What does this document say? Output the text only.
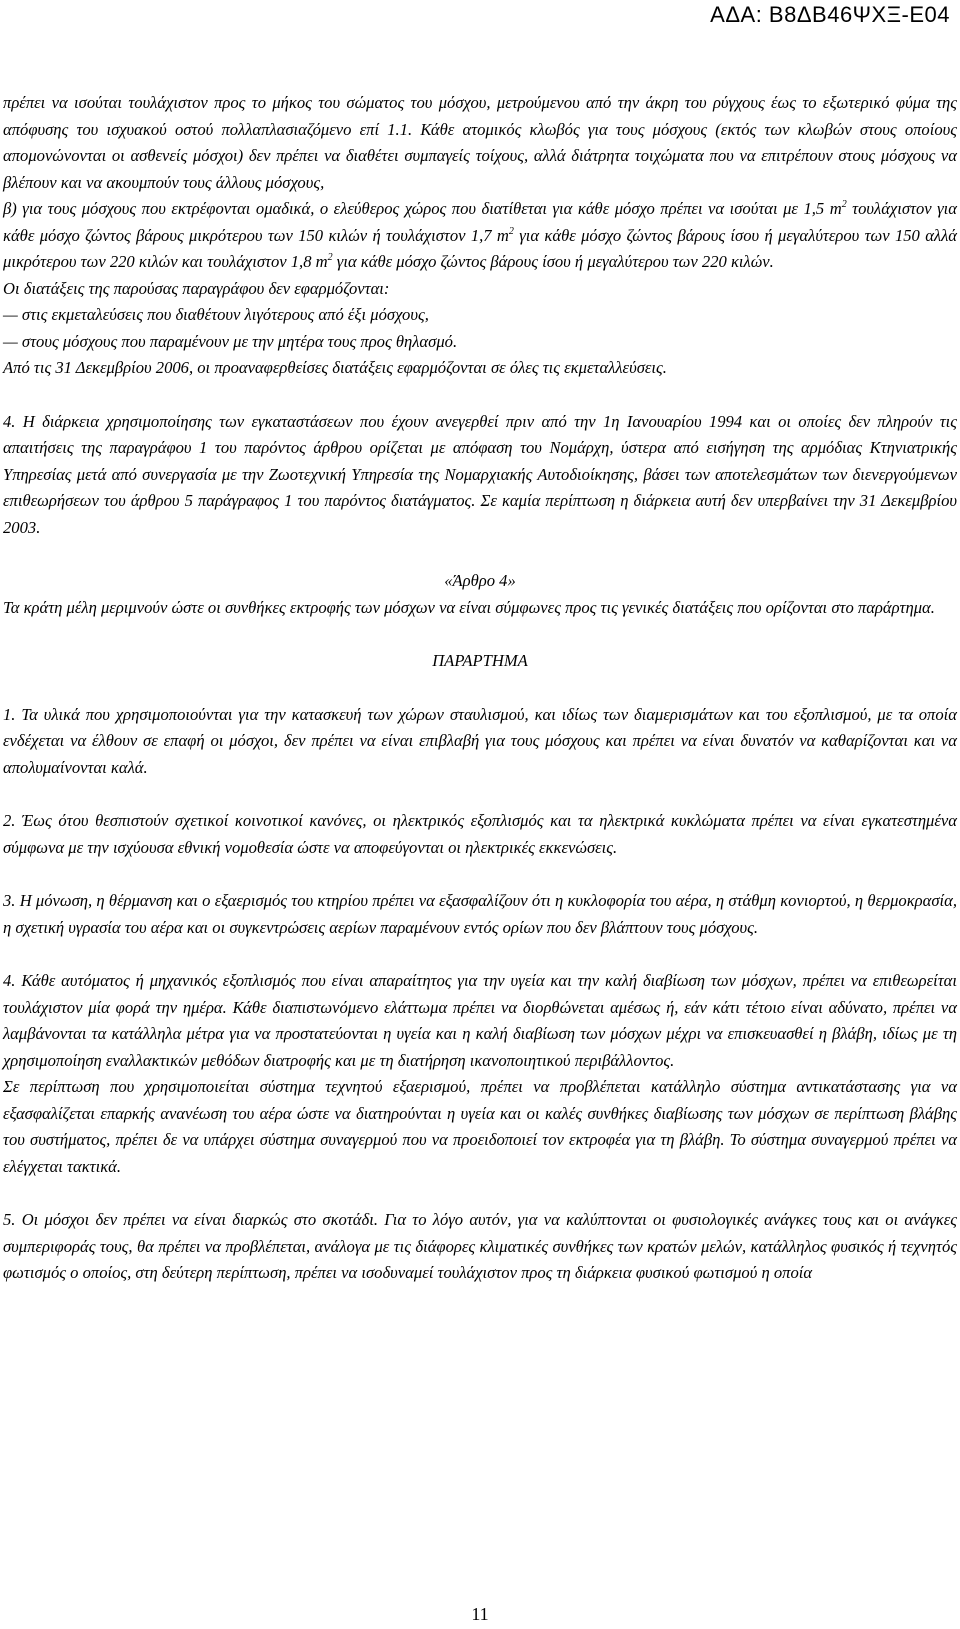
ΑΔΑ: Β8ΔΒ46ΨΧΞ-Ε04

πρέπει να ισούται τουλάχιστον προς το μήκος του σώματος του μόσχου, μετρούμενου από την άκρη του ρύγχους έως το εξωτερικό φύμα της απόφυσης του ισχυακού οστού πολλαπλασιαζόμενο επί 1.1. Κάθε ατομικός κλωβός για τους μόσχους (εκτός των κλωβών στους οποίους απομονώνονται οι ασθενείς μόσχοι) δεν πρέπει να διαθέτει συμπαγείς τοίχους, αλλά διάτρητα τοιχώματα που να επιτρέπουν στους μόσχους να βλέπουν και να ακουμπούν τους άλλους μόσχους,

β) για τους μόσχους που εκτρέφονται ομαδικά, ο ελεύθερος χώρος που διατίθεται για κάθε μόσχο πρέπει να ισούται με 1,5 $m^2$ τουλάχιστον για κάθε μόσχο ζώντος βάρους μικρότερου των 150 κιλών ή τουλάχιστον 1,7 $m^2$ για κάθε μόσχο ζώντος βάρους ίσου ή μεγαλύτερου των 150 αλλά μικρότερου των 220 κιλών και τουλάχιστον 1,8 $m^2$ για κάθε μόσχο ζώντος βάρους ίσου ή μεγαλύτερου των 220 κιλών.

Οι διατάξεις της παρούσας παραγράφου δεν εφαρμόζονται:

— στις εκμεταλεύσεις που διαθέτουν λιγότερους από έξι μόσχους,

— στους μόσχους που παραμένουν με την μητέρα τους προς θηλασμό.

Από τις 31 Δεκεμβρίου 2006, οι προαναφερθείσες διατάξεις εφαρμόζονται σε όλες τις εκμεταλλεύσεις.

4. Η διάρκεια χρησιμοποίησης των εγκαταστάσεων που έχουν ανεγερθεί πριν από την 1η Ιανουαρίου 1994 και οι οποίες δεν πληρούν τις απαιτήσεις της παραγράφου 1 του παρόντος άρθρου ορίζεται με απόφαση του Νομάρχη, ύστερα από εισήγηση της αρμόδιας Κτηνιατρικής Υπηρεσίας μετά από συνεργασία με την Ζωοτεχνική Υπηρεσία της Νομαρχιακής Αυτοδιοίκησης, βάσει των αποτελεσμάτων των διενεργούμενων επιθεωρήσεων του άρθρου 5 παράγραφος 1 του παρόντος διατάγματος. Σε καμία περίπτωση η διάρκεια αυτή δεν υπερβαίνει την 31 Δεκεμβρίου 2003.

«Άρθρο 4»

Τα κράτη μέλη μεριμνούν ώστε οι συνθήκες εκτροφής των μόσχων να είναι σύμφωνες προς τις γενικές διατάξεις που ορίζονται στο παράρτημα.

ΠΑΡΑΡΤΗΜΑ

1. Τα υλικά που χρησιμοποιούνται για την κατασκευή των χώρων σταυλισμού, και ιδίως των διαμερισμάτων και του εξοπλισμού, με τα οποία ενδέχεται να έλθουν σε επαφή οι μόσχοι, δεν πρέπει να είναι επιβλαβή για τους μόσχους και πρέπει να είναι δυνατόν να καθαρίζονται και να απολυμαίνονται καλά.

2. Έως ότου θεσπιστούν σχετικοί κοινοτικοί κανόνες, οι ηλεκτρικός εξοπλισμός και τα ηλεκτρικά κυκλώματα πρέπει να είναι εγκατεστημένα σύμφωνα με την ισχύουσα εθνική νομοθεσία ώστε να αποφεύγονται οι ηλεκτρικές εκκενώσεις.

3. Η μόνωση, η θέρμανση και ο εξαερισμός του κτηρίου πρέπει να εξασφαλίζουν ότι η κυκλοφορία του αέρα, η στάθμη κονιορτού, η θερμοκρασία, η σχετική υγρασία του αέρα και οι συγκεντρώσεις αερίων παραμένουν εντός ορίων που δεν βλάπτουν τους μόσχους.

4. Κάθε αυτόματος ή μηχανικός εξοπλισμός που είναι απαραίτητος για την υγεία και την καλή διαβίωση των μόσχων, πρέπει να επιθεωρείται τουλάχιστον μία φορά την ημέρα. Κάθε διαπιστωνόμενο ελάττωμα πρέπει να διορθώνεται αμέσως ή, εάν κάτι τέτοιο είναι αδύνατο, πρέπει να λαμβάνονται τα κατάλληλα μέτρα για να προστατεύονται η υγεία και η καλή διαβίωση των μόσχων μέχρι να επισκευασθεί η βλάβη, ιδίως με τη χρησιμοποίηση εναλλακτικών μεθόδων διατροφής και με τη διατήρηση ικανοποιητικού περιβάλλοντος.

Σε περίπτωση που χρησιμοποιείται σύστημα τεχνητού εξαερισμού, πρέπει να προβλέπεται κατάλληλο σύστημα αντικατάστασης για να εξασφαλίζεται επαρκής ανανέωση του αέρα ώστε να διατηρούνται η υγεία και οι καλές συνθήκες διαβίωσης των μόσχων σε περίπτωση βλάβης του συστήματος, πρέπει δε να υπάρχει σύστημα συναγερμού που να προειδοποιεί τον εκτροφέα για τη βλάβη. Το σύστημα συναγερμού πρέπει να ελέγχεται τακτικά.

5. Οι μόσχοι δεν πρέπει να είναι διαρκώς στο σκοτάδι. Για το λόγο αυτόν, για να καλύπτονται οι φυσιολογικές ανάγκες τους και οι ανάγκες συμπεριφοράς τους, θα πρέπει να προβλέπεται, ανάλογα με τις διάφορες κλιματικές συνθήκες των κρατών μελών, κατάλληλος φυσικός ή τεχνητός φωτισμός ο οποίος, στη δεύτερη περίπτωση, πρέπει να ισοδυναμεί τουλάχιστον προς τη διάρκεια φυσικού φωτισμού η οποία

11
